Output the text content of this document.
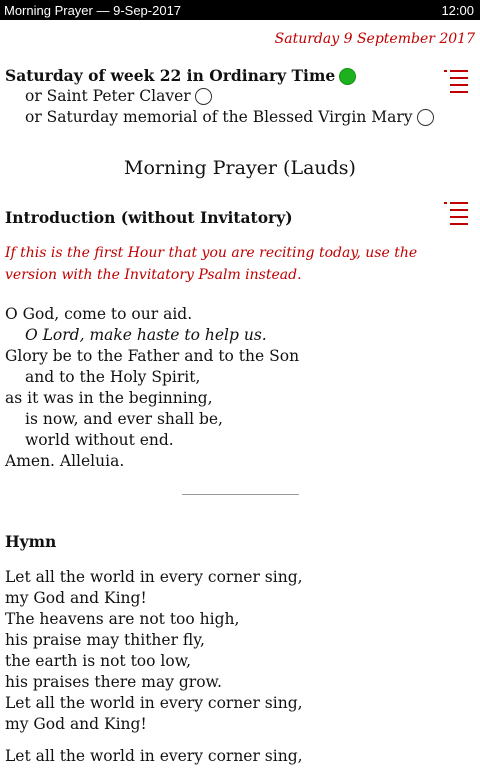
Morning Prayer — 9-Sep-2017	12:00
Saturday 9 September 2017
Saturday of week 22 in Ordinary Time
or Saint Peter Claver
or Saturday memorial of the Blessed Virgin Mary
Morning Prayer (Lauds)
Introduction (without Invitatory)
If this is the first Hour that you are reciting today, use the version with the Invitatory Psalm instead.
O God, come to our aid.
O Lord, make haste to help us.
Glory be to the Father and to the Son
and to the Holy Spirit,
as it was in the beginning,
is now, and ever shall be,
world without end.
Amen. Alleluia.
Hymn
Let all the world in every corner sing,
my God and King!
The heavens are not too high,
his praise may thither fly,
the earth is not too low,
his praises there may grow.
Let all the world in every corner sing,
my God and King!
Let all the world in every corner sing,
